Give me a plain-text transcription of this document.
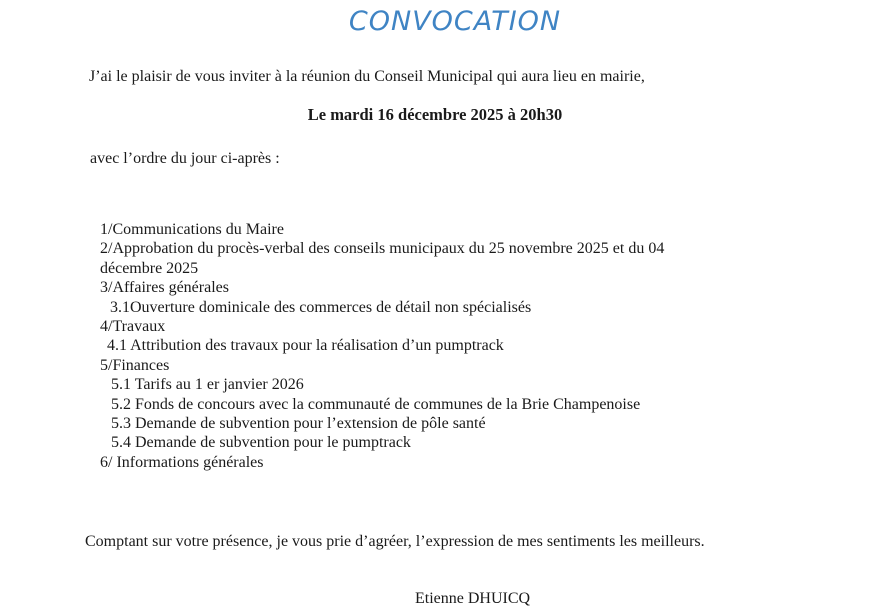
CONVOCATION
J’ai le plaisir de vous inviter à la réunion du Conseil Municipal qui aura lieu en mairie,
Le mardi 16 décembre 2025 à 20h30
avec l’ordre du jour ci-après :
1/Communications du Maire
2/Approbation du procès-verbal des conseils municipaux du 25 novembre 2025 et du 04
décembre 2025
3/Affaires générales
3.1Ouverture dominicale des commerces de détail non spécialisés
4/Travaux
4.1 Attribution des travaux pour la réalisation d’un pumptrack
5/Finances
5.1 Tarifs au 1 er janvier 2026
5.2 Fonds de concours avec la communauté de communes de la Brie Champenoise
5.3 Demande de subvention pour l’extension de pôle santé
5.4 Demande de subvention pour le pumptrack
6/ Informations générales
Comptant sur votre présence, je vous prie d’agréer, l’expression de mes sentiments les meilleurs.
Etienne DHUICQ
